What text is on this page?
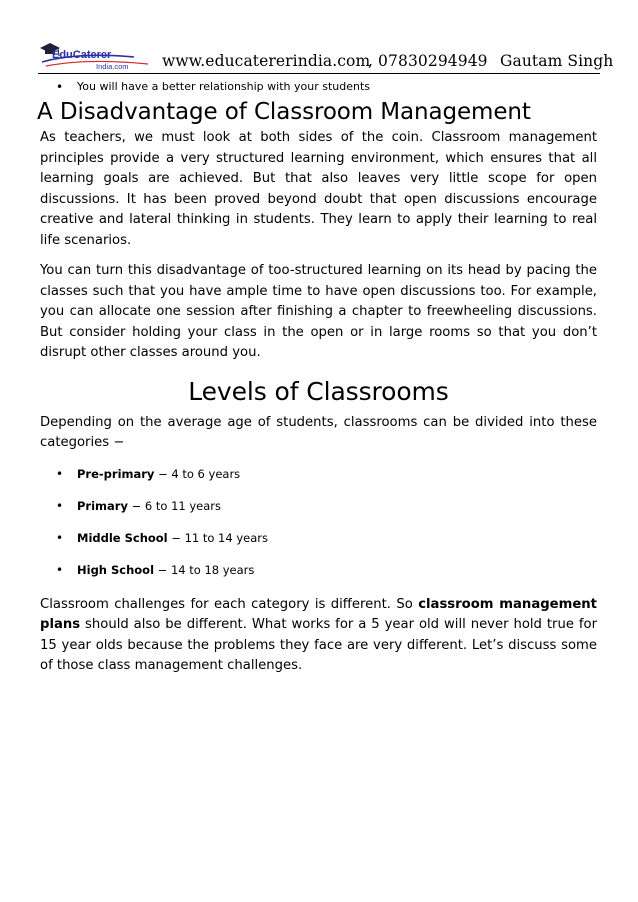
EduCaterer
India.com www.educatererindia.com
, 07830294949 Gautam Singh
• You will have a better relationship with your students
A Disadvantage of Classroom Management

As teachers, we must look at both sides of the coin. Classroom management principles provide a very structured learning environment, which ensures that all learning goals are achieved. But that also leaves very little scope for open discussions. It has been proved beyond doubt that open discussions encourage creative and lateral thinking in students. They learn to apply their learning to real life scenarios.

You can turn this disadvantage of too-structured learning on its head by pacing the classes such that you have ample time to have open discussions too. For example, you can allocate one session after finishing a chapter to freewheeling discussions. But consider holding your class in the open or in large rooms so that you don’t disrupt other classes around you.

Levels of Classrooms

Depending on the average age of students, classrooms can be divided into these categories −

• Pre-primary − 4 to 6 years
• Primary − 6 to 11 years
• Middle School − 11 to 14 years
• High School − 14 to 18 years

Classroom challenges for each category is different. So classroom management plans should also be different. What works for a 5 year old will never hold true for 15 year olds because the problems they face are very different. Let’s discuss some of those class management challenges.
